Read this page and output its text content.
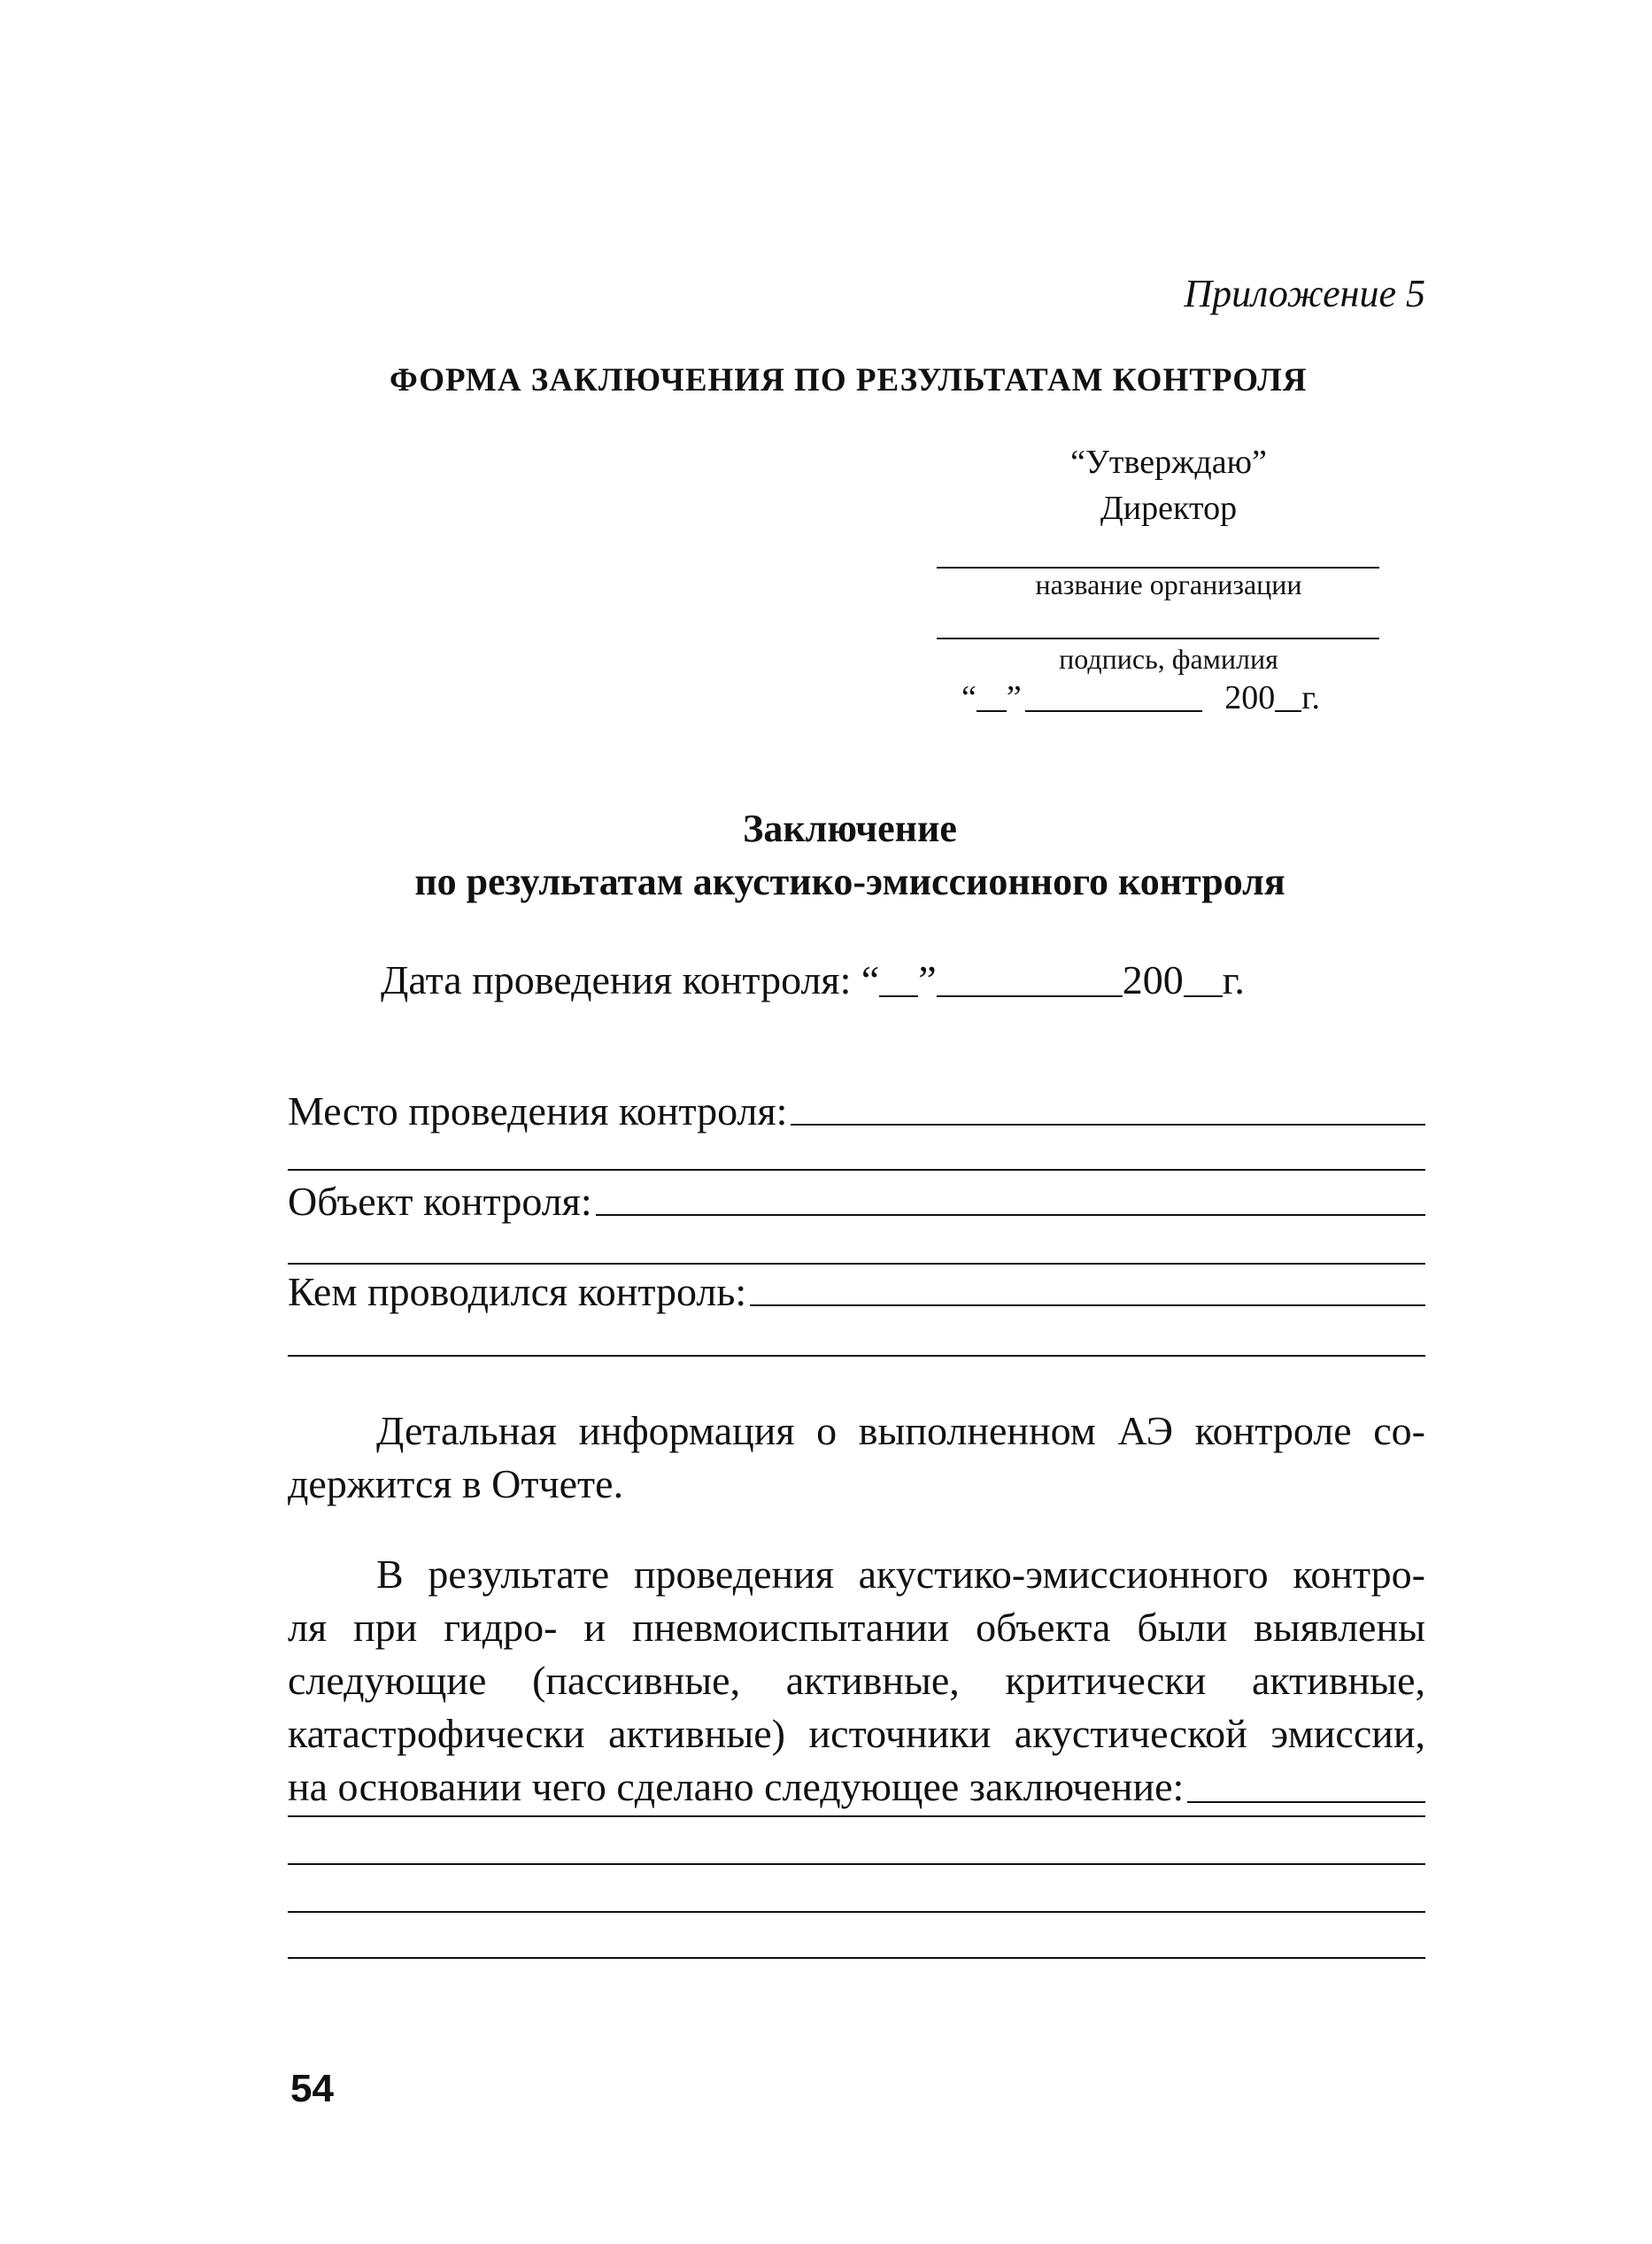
Приложение 5
ФОРМА ЗАКЛЮЧЕНИЯ ПО РЕЗУЛЬТАТАМ КОНТРОЛЯ
“Утверждаю”
Директор
название организации
подпись, фамилия
“ ”	200 г.
Заключение
по результатам акустико-эмиссионного контроля
Дата проведения контроля: “ ”	200 г.
Место проведения контроля:
Объект контроля:
Кем проводился контроль:
Детальная информация о выполненном АЭ контроле со-
держится в Отчете.
В результате проведения акустико-эмиссионного контро-
ля при гидро- и пневмоиспытании объекта были выявлены
следующие (пассивные, активные, критически активные,
катастрофически активные) источники акустической эмиссии,
на основании чего сделано следующее заключение:
54
